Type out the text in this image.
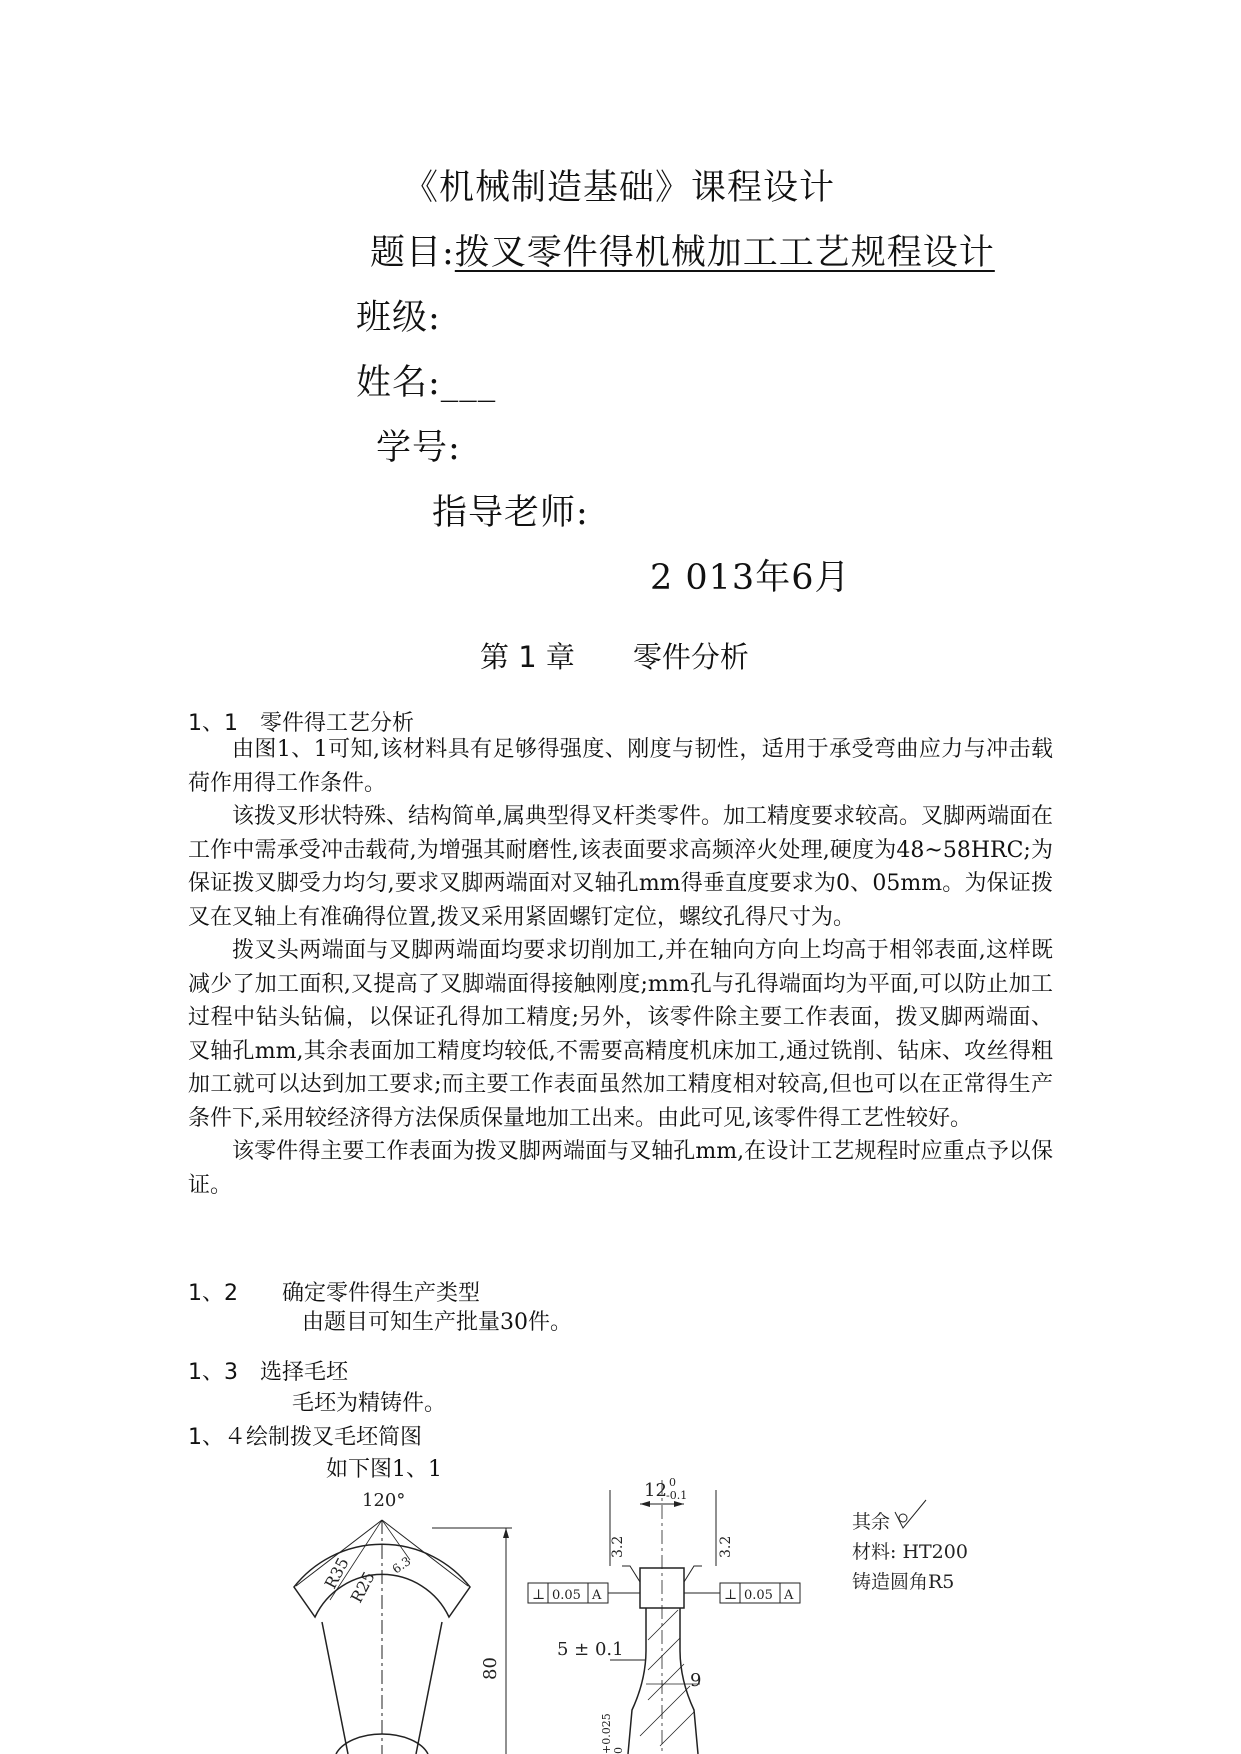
《机械制造基础》课程设计
题目:拨叉零件得机械加工工艺规程设计
班级:
姓名:___
学号:
指导老师:
2 013年6月
第 1 章　　零件分析
1、1　零件得工艺分析

由图1、1可知,该材料具有足够得强度、刚度与韧性，适用于承受弯曲应力与冲击载荷作用得工作条件。

该拨叉形状特殊、结构简单,属典型得叉杆类零件。加工精度要求较高。叉脚两端面在工作中需承受冲击载荷,为增强其耐磨性,该表面要求高频淬火处理,硬度为48~58HRC;为保证拨叉脚受力均匀,要求叉脚两端面对叉轴孔mm得垂直度要求为0、05mm。为保证拨叉在叉轴上有准确得位置,拨叉采用紧固螺钉定位，螺纹孔得尺寸为。

拨叉头两端面与叉脚两端面均要求切削加工,并在轴向方向上均高于相邻表面,这样既减少了加工面积,又提高了叉脚端面得接触刚度;mm孔与孔得端面均为平面,可以防止加工过程中钻头钻偏，以保证孔得加工精度;另外，该零件除主要工作表面，拨叉脚两端面、叉轴孔mm,其余表面加工精度均较低,不需要高精度机床加工,通过铣削、钻床、攻丝得粗加工就可以达到加工要求;而主要工作表面虽然加工精度相对较高,但也可以在正常得生产条件下,采用较经济得方法保质保量地加工出来。由此可见,该零件得工艺性较好。

该零件得主要工作表面为拨叉脚两端面与叉轴孔mm,在设计工艺规程时应重点予以保证。

1、2　　确定零件得生产类型
由题目可知生产批量30件。
1、3　选择毛坯
毛坯为精铸件。
1、４绘制拨叉毛坯简图
如下图1、1
120°
R35
R25
6.3
80
⊥ 0.05 A	⊥ 0.05 A
12 0
-0.1
3.2	3.2
5 ± 0.1
9
+0.025 0
其余
材料: HT200
铸造圆角R5
